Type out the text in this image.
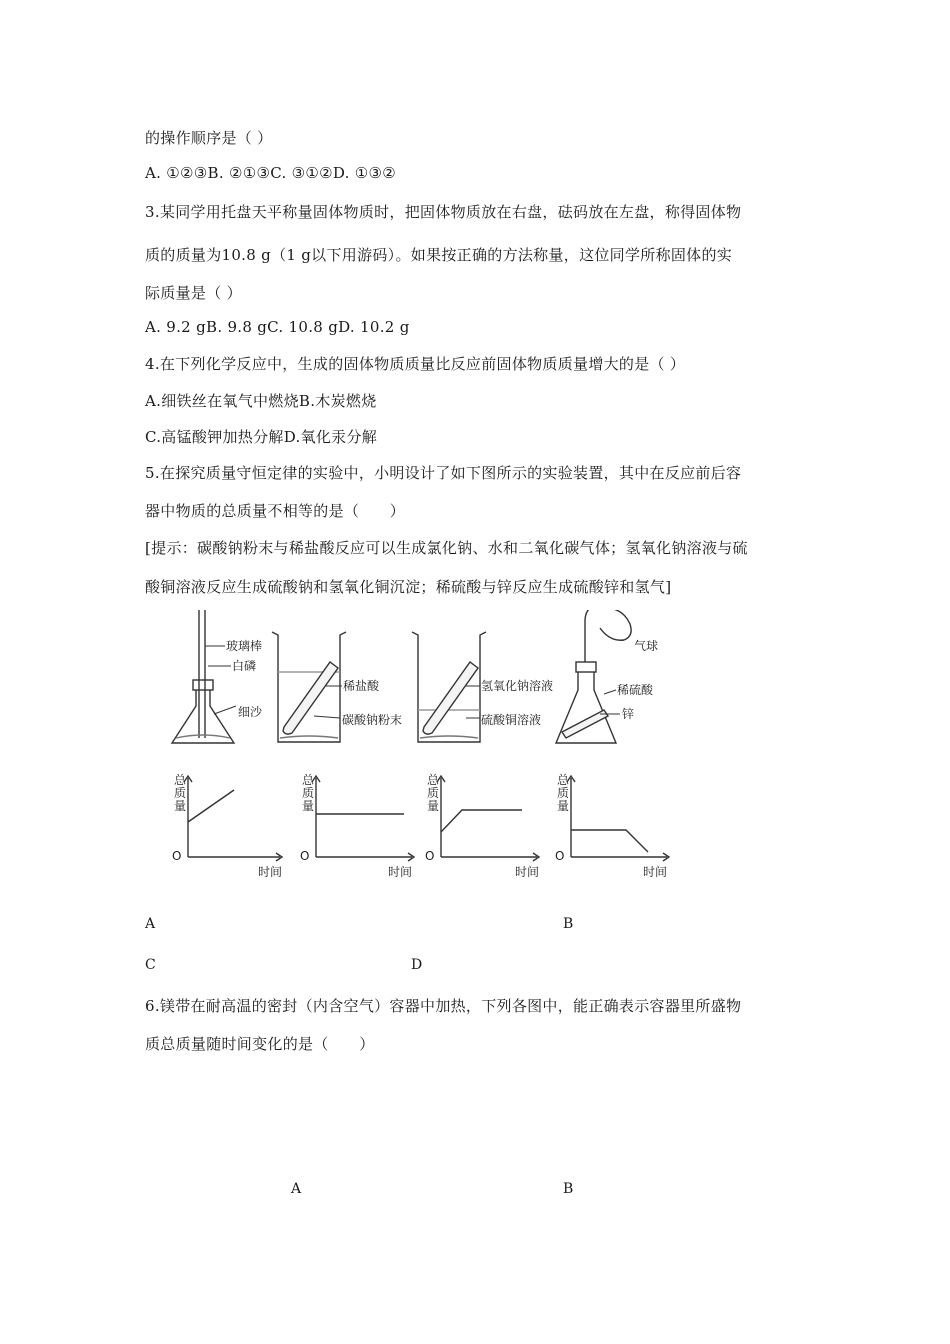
的操作顺序是（ ）
A. ①②③B. ②①③C. ③①②D. ①③②
3.某同学用托盘天平称量固体物质时，把固体物质放在右盘，砝码放在左盘，称得固体物
质的质量为10.8 g（1 g以下用游码）。如果按正确的方法称量，这位同学所称固体的实
际质量是（ ）
A. 9.2 gB. 9.8 gC. 10.8 gD. 10.2 g
4.在下列化学反应中，生成的固体物质质量比反应前固体物质质量增大的是（ ）
A.细铁丝在氧气中燃烧B.木炭燃烧
C.高锰酸钾加热分解D.氧化汞分解
5.在探究质量守恒定律的实验中，小明设计了如下图所示的实验装置，其中在反应前后容
器中物质的总质量不相等的是（　　）
[提示：碳酸钠粉末与稀盐酸反应可以生成氯化钠、水和二氧化碳气体；氢氧化钠溶液与硫
酸铜溶液反应生成硫酸钠和氢氧化铜沉淀；稀硫酸与锌反应生成硫酸锌和氢气]
玻璃棒
白磷
细沙
稀盐酸
碳酸钠粉末
氢氧化钠溶液
硫酸铜溶液
气球
稀硫酸
锌
总
质
量
O
时间
总
质
量
O
时间
总
质
量
O
时间
总
质
量
O
时间
A	B
C	D
6.镁带在耐高温的密封（内含空气）容器中加热，下列各图中，能正确表示容器里所盛物
质总质量随时间变化的是（　　）
A	B
